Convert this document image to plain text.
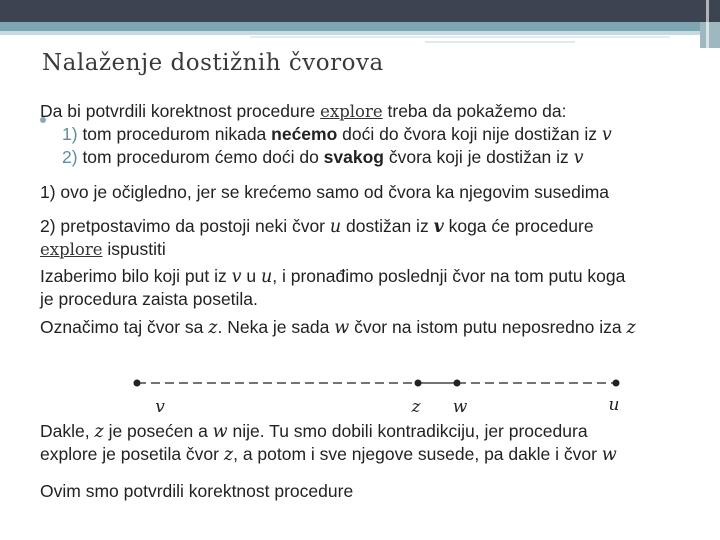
Nalaženje dostižnih čvorova

Da bi potvrdili korektnost procedure explore treba da pokažemo da:

1) tom procedurom nikada nećemo doći do čvora koji nije dostižan iz v

2) tom procedurom ćemo doći do svakog čvora koji je dostižan iz v

1) ovo je očigledno, jer se krećemo samo od čvora ka njegovim susedima

2) pretpostavimo da postoji neki čvor u dostižan iz v koga će procedure

explore ispustiti

Izaberimo bilo koji put iz v u u, i pronađimo poslednji čvor na tom putu koga

je procedura zaista posetila.

Označimo taj čvor sa z. Neka je sada w čvor na istom putu neposredno iza z

v	z w	u

Dakle, z je posećen a w nije. Tu smo dobili kontradikciju, jer procedura

explore je posetila čvor z, a potom i sve njegove susede, pa dakle i čvor w

Ovim smo potvrdili korektnost procedure
